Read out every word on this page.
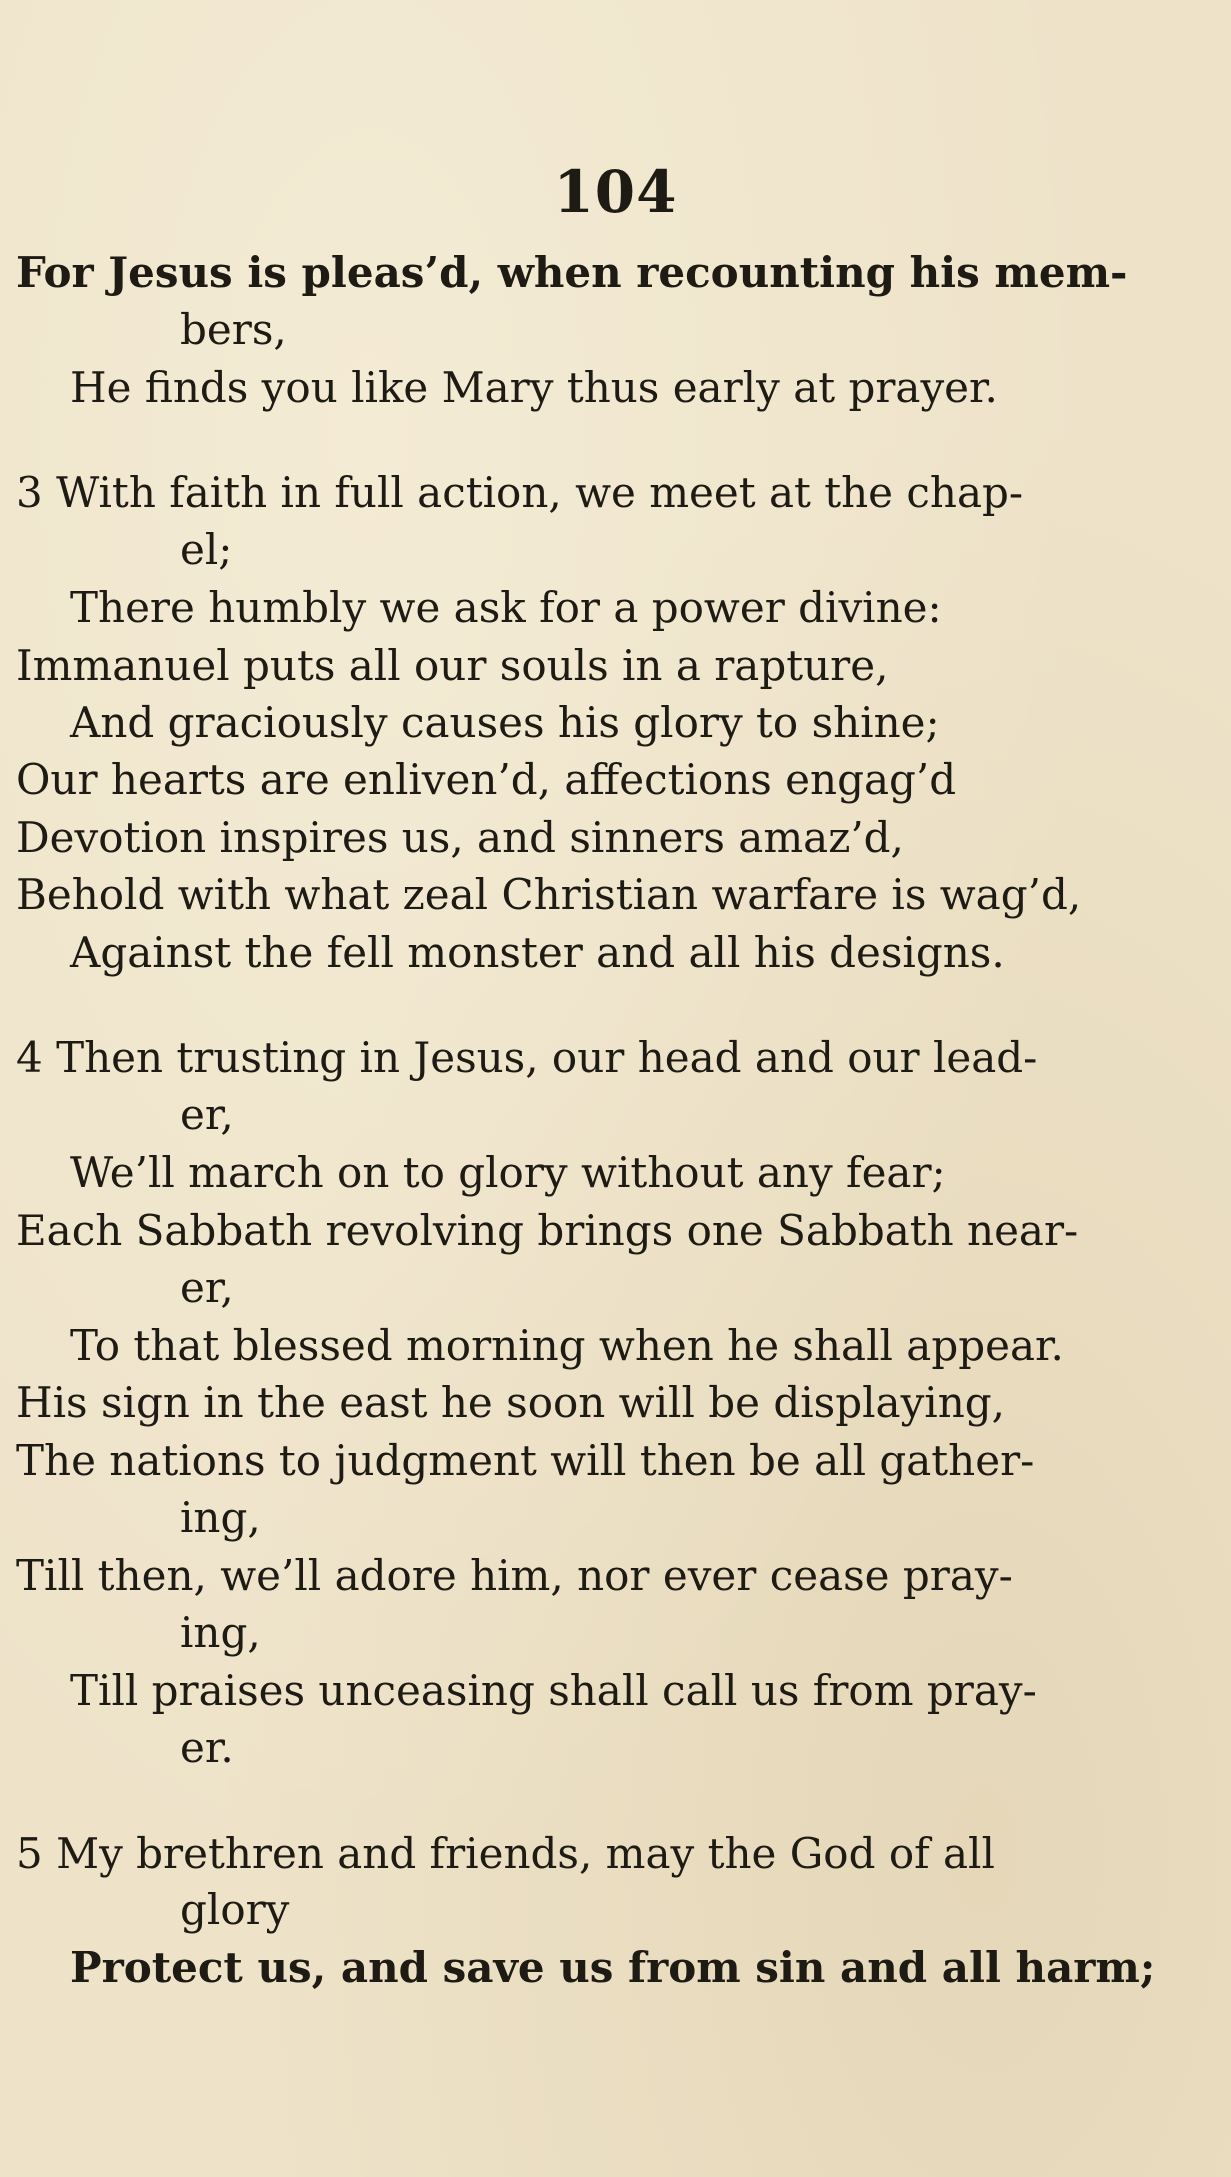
104
For Jesus is pleas’d, when recounting his mem-
bers,
He finds you like Mary thus early at prayer.
3 With faith in full action, we meet at the chap-
el;
There humbly we ask for a power divine:
Immanuel puts all our souls in a rapture,
And graciously causes his glory to shine;
Our hearts are enliven’d, affections engag’d
Devotion inspires us, and sinners amaz’d,
Behold with what zeal Christian warfare is wag’d,
Against the fell monster and all his designs.
4 Then trusting in Jesus, our head and our lead-
er,
We’ll march on to glory without any fear;
Each Sabbath revolving brings one Sabbath near-
er,
To that blessed morning when he shall appear.
His sign in the east he soon will be displaying,
The nations to judgment will then be all gather-
ing,
Till then, we’ll adore him, nor ever cease pray-
ing,
Till praises unceasing shall call us from pray-
er.
5 My brethren and friends, may the God of all
glory
Protect us, and save us from sin and all harm;
